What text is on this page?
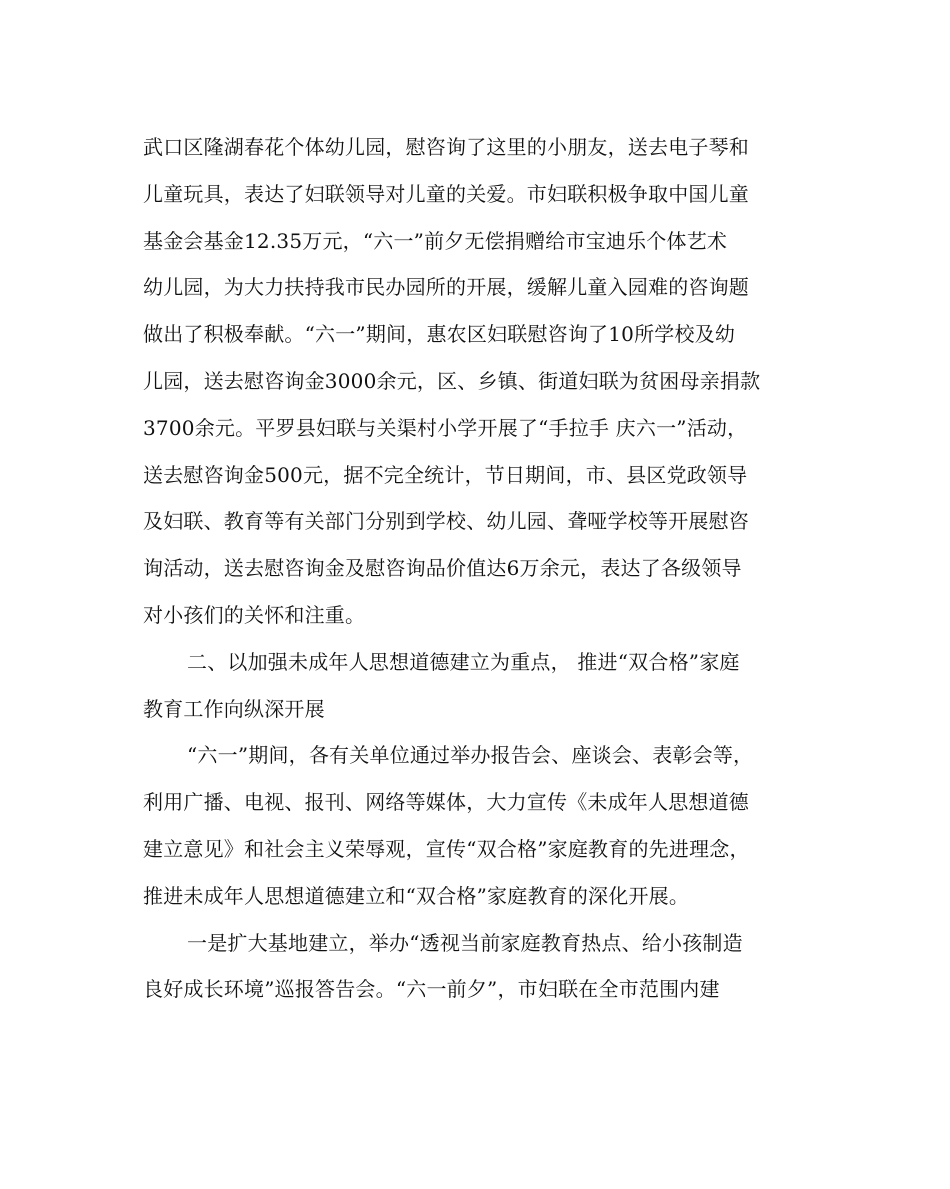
武口区隆湖春花个体幼儿园，慰咨询了这里的小朋友，送去电子琴和
儿童玩具，表达了妇联领导对儿童的关爱。市妇联积极争取中国儿童
基金会基金12.35万元，“六一”前夕无偿捐赠给市宝迪乐个体艺术
幼儿园，为大力扶持我市民办园所的开展，缓解儿童入园难的咨询题
做出了积极奉献。“六一”期间，惠农区妇联慰咨询了10所学校及幼
儿园，送去慰咨询金3000余元，区、乡镇、街道妇联为贫困母亲捐款
3700余元。平罗县妇联与关渠村小学开展了“手拉手 庆六一”活动，
送去慰咨询金500元，据不完全统计，节日期间，市、县区党政领导
及妇联、教育等有关部门分别到学校、幼儿园、聋哑学校等开展慰咨
询活动，送去慰咨询金及慰咨询品价值达6万余元，表达了各级领导
对小孩们的关怀和注重。
二、以加强未成年人思想道德建立为重点， 推进“双合格”家庭
教育工作向纵深开展
“六一”期间，各有关单位通过举办报告会、座谈会、表彰会等，
利用广播、电视、报刊、网络等媒体，大力宣传《未成年人思想道德
建立意见》和社会主义荣辱观，宣传“双合格”家庭教育的先进理念，
推进未成年人思想道德建立和“双合格”家庭教育的深化开展。
一是扩大基地建立，举办“透视当前家庭教育热点、给小孩制造
良好成长环境”巡报答告会。“六一前夕”，市妇联在全市范围内建
